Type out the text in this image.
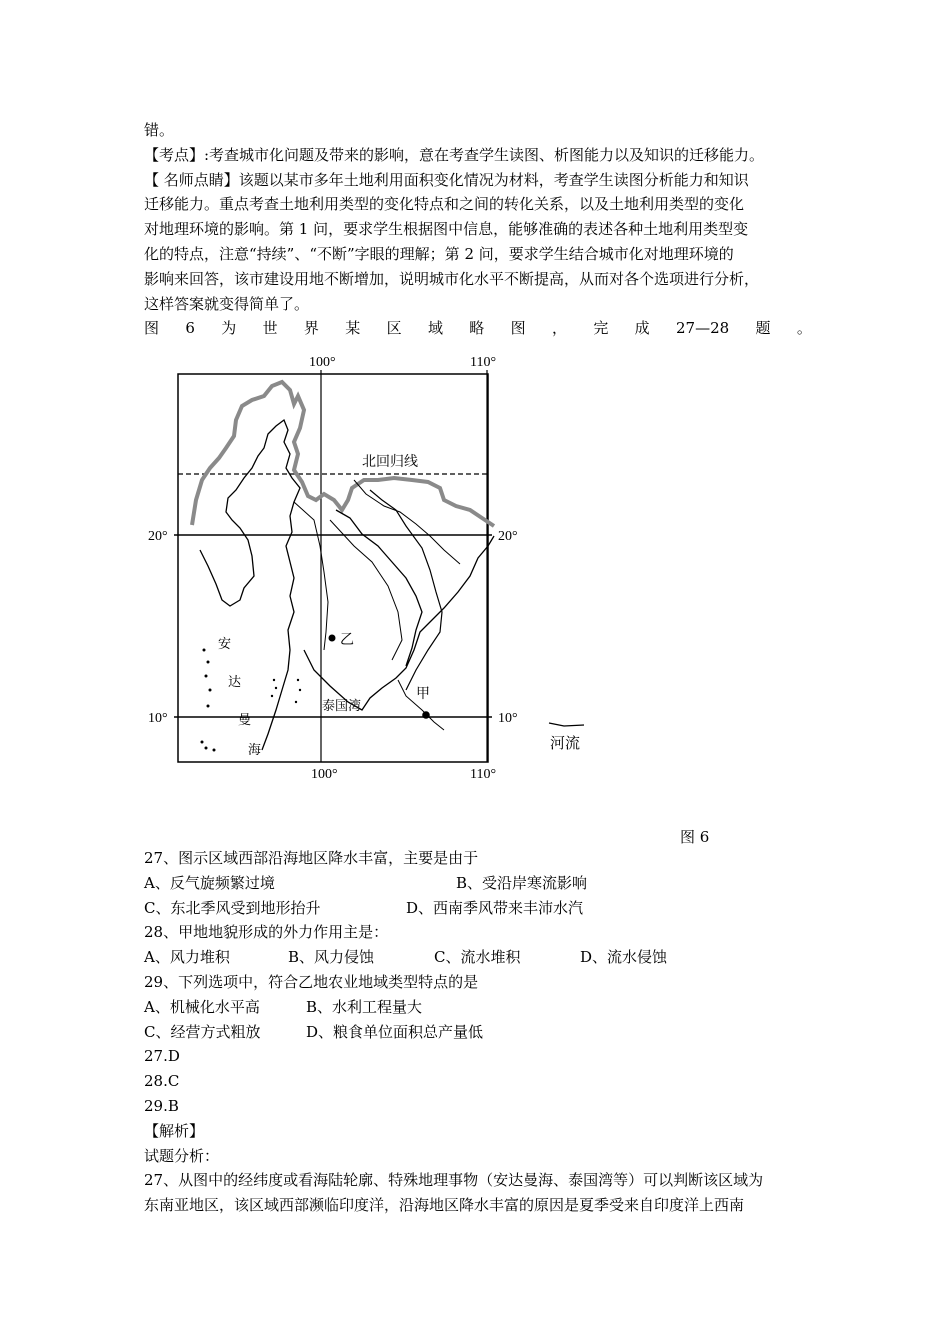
错。

【考点】:考查城市化问题及带来的影响，意在考查学生读图、析图能力以及知识的迁移能力。

【 名师点睛】该题以某市多年土地利用面积变化情况为材料，考查学生读图分析能力和知识

迁移能力。重点考查土地利用类型的变化特点和之间的转化关系，以及土地利用类型的变化

对地理环境的影响。第 1 问，要求学生根据图中信息，能够准确的表述各种土地利用类型变

化的特点，注意“持续”、“不断”字眼的理解；第 2 问，要求学生结合城市化对地理环境的

影响来回答，该市建设用地不断增加，说明城市化水平不断提高，从而对各个选项进行分析，

这样答案就变得简单了。

图 6 为 世 界 某 区 域 略 图 ， 完 成 27—28 题 。

100°	110°
100°	110°
20°	20°
10°	10°
北回归线
乙
甲
泰国湾
安
达
曼
海	河流
图 6

27、图示区域西部沿海地区降水丰富，主要是由于

A、反气旋频繁过境	B、受沿岸寒流影响

C、东北季风受到地形抬升	D、西南季风带来丰沛水汽

28、甲地地貌形成的外力作用主是：

A、风力堆积	B、风力侵蚀	C、流水堆积	D、流水侵蚀

29、下列选项中，符合乙地农业地域类型特点的是

A、机械化水平高	B、水利工程量大

C、经营方式粗放	D、粮食单位面积总产量低

27.D

28.C

29.B

【解析】

试题分析：

27、从图中的经纬度或看海陆轮廓、特殊地理事物（安达曼海、泰国湾等）可以判断该区域为

东南亚地区，该区域西部濒临印度洋，沿海地区降水丰富的原因是夏季受来自印度洋上西南
